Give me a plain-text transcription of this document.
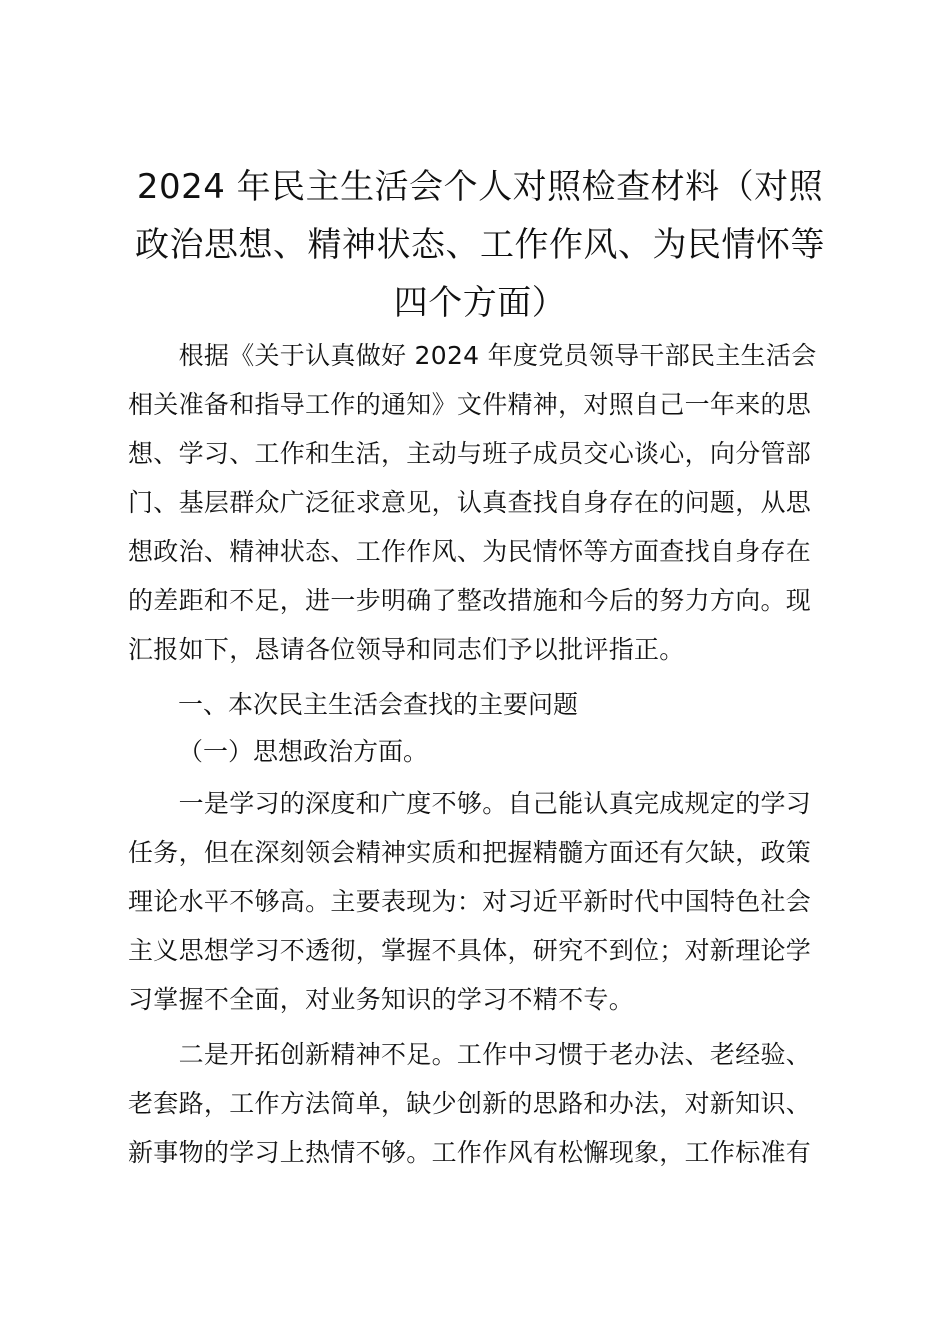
2024 年民主生活会个人对照检查材料（对照
政治思想、精神状态、工作作风、为民情怀等
四个方面）

　　根据《关于认真做好 2024 年度党员领导干部民主生活会
相关准备和指导工作的通知》文件精神，对照自己一年来的思
想、学习、工作和生活，主动与班子成员交心谈心，向分管部
门、基层群众广泛征求意见，认真查找自身存在的问题，从思
想政治、精神状态、工作作风、为民情怀等方面查找自身存在
的差距和不足，进一步明确了整改措施和今后的努力方向。现
汇报如下，恳请各位领导和同志们予以批评指正。

一、本次民主生活会查找的主要问题

（一）思想政治方面。

　　一是学习的深度和广度不够。自己能认真完成规定的学习
任务，但在深刻领会精神实质和把握精髓方面还有欠缺，政策
理论水平不够高。主要表现为：对习近平新时代中国特色社会
主义思想学习不透彻，掌握不具体，研究不到位；对新理论学
习掌握不全面，对业务知识的学习不精不专。

　　二是开拓创新精神不足。工作中习惯于老办法、老经验、
老套路，工作方法简单，缺少创新的思路和办法，对新知识、
新事物的学习上热情不够。工作作风有松懈现象，工作标准有
